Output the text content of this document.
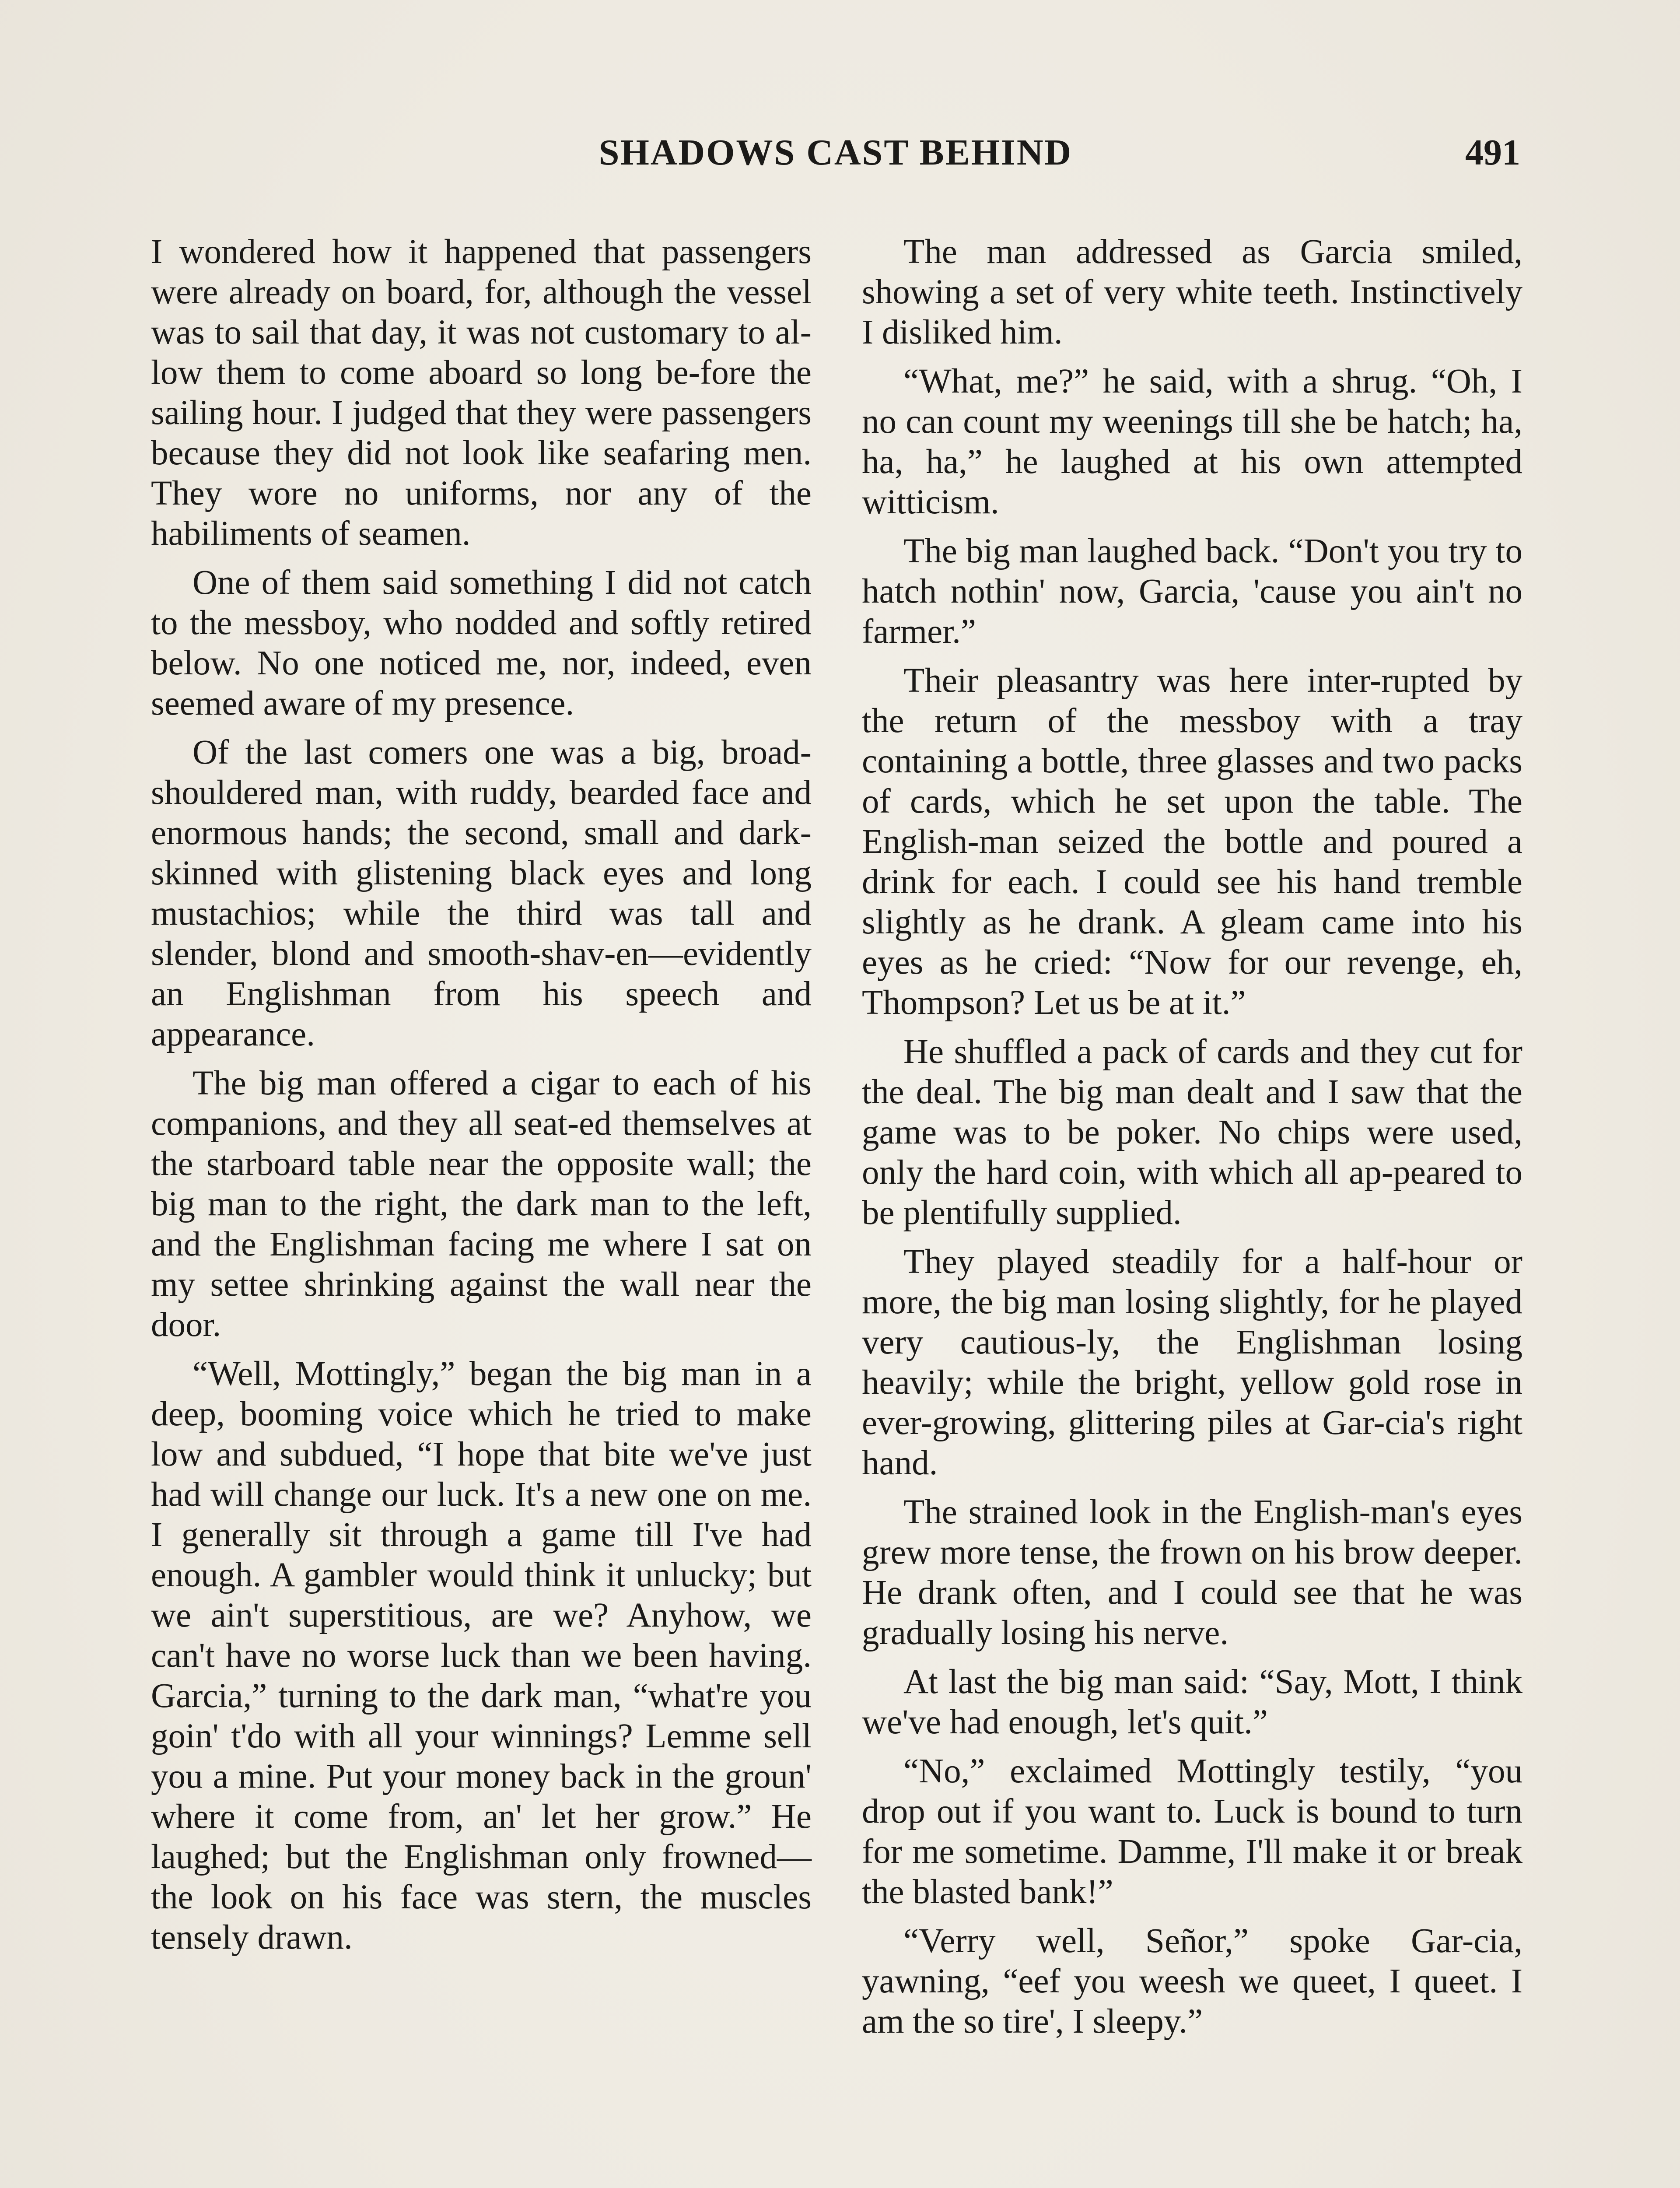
SHADOWS CAST BEHIND	491

I wondered how it happened that passengers were already on board, for, although the vessel was to sail that day, it was not customary to al-low them to come aboard so long be-fore the sailing hour. I judged that they were passengers because they did not look like seafaring men. They wore no uniforms, nor any of the habiliments of seamen.

One of them said something I did not catch to the messboy, who nodded and softly retired below. No one noticed me, nor, indeed, even seemed aware of my presence.

Of the last comers one was a big, broad-shouldered man, with ruddy, bearded face and enormous hands; the second, small and dark-skinned with glistening black eyes and long mustachios; while the third was tall and slender, blond and smooth-shav-en—evidently an Englishman from his speech and appearance.

The big man offered a cigar to each of his companions, and they all seat-ed themselves at the starboard table near the opposite wall; the big man to the right, the dark man to the left, and the Englishman facing me where I sat on my settee shrinking against the wall near the door.

“Well, Mottingly,” began the big man in a deep, booming voice which he tried to make low and subdued, “I hope that bite we've just had will change our luck. It's a new one on me. I generally sit through a game till I've had enough. A gambler would think it unlucky; but we ain't superstitious, are we? Anyhow, we can't have no worse luck than we been having. Garcia,” turning to the dark man, “what're you goin' t'do with all your winnings? Lemme sell you a mine. Put your money back in the groun' where it come from, an' let her grow.” He laughed; but the Englishman only frowned—the look on his face was stern, the muscles tensely drawn.

The man addressed as Garcia smiled, showing a set of very white teeth. Instinctively I disliked him.

“What, me?” he said, with a shrug. “Oh, I no can count my weenings till she be hatch; ha, ha, ha,” he laughed at his own attempted witticism.

The big man laughed back. “Don't you try to hatch nothin' now, Garcia, 'cause you ain't no farmer.”

Their pleasantry was here inter-rupted by the return of the messboy with a tray containing a bottle, three glasses and two packs of cards, which he set upon the table. The English-man seized the bottle and poured a drink for each. I could see his hand tremble slightly as he drank. A gleam came into his eyes as he cried: “Now for our revenge, eh, Thompson? Let us be at it.”

He shuffled a pack of cards and they cut for the deal. The big man dealt and I saw that the game was to be poker. No chips were used, only the hard coin, with which all ap-peared to be plentifully supplied.

They played steadily for a half-hour or more, the big man losing slightly, for he played very cautious-ly, the Englishman losing heavily; while the bright, yellow gold rose in ever-growing, glittering piles at Gar-cia's right hand.

The strained look in the English-man's eyes grew more tense, the frown on his brow deeper. He drank often, and I could see that he was gradually losing his nerve.

At last the big man said: “Say, Mott, I think we've had enough, let's quit.”

“No,” exclaimed Mottingly testily, “you drop out if you want to. Luck is bound to turn for me sometime. Damme, I'll make it or break the blasted bank!”

“Verry well, Señor,” spoke Gar-cia, yawning, “eef you weesh we queet, I queet. I am the so tire', I sleepy.”
